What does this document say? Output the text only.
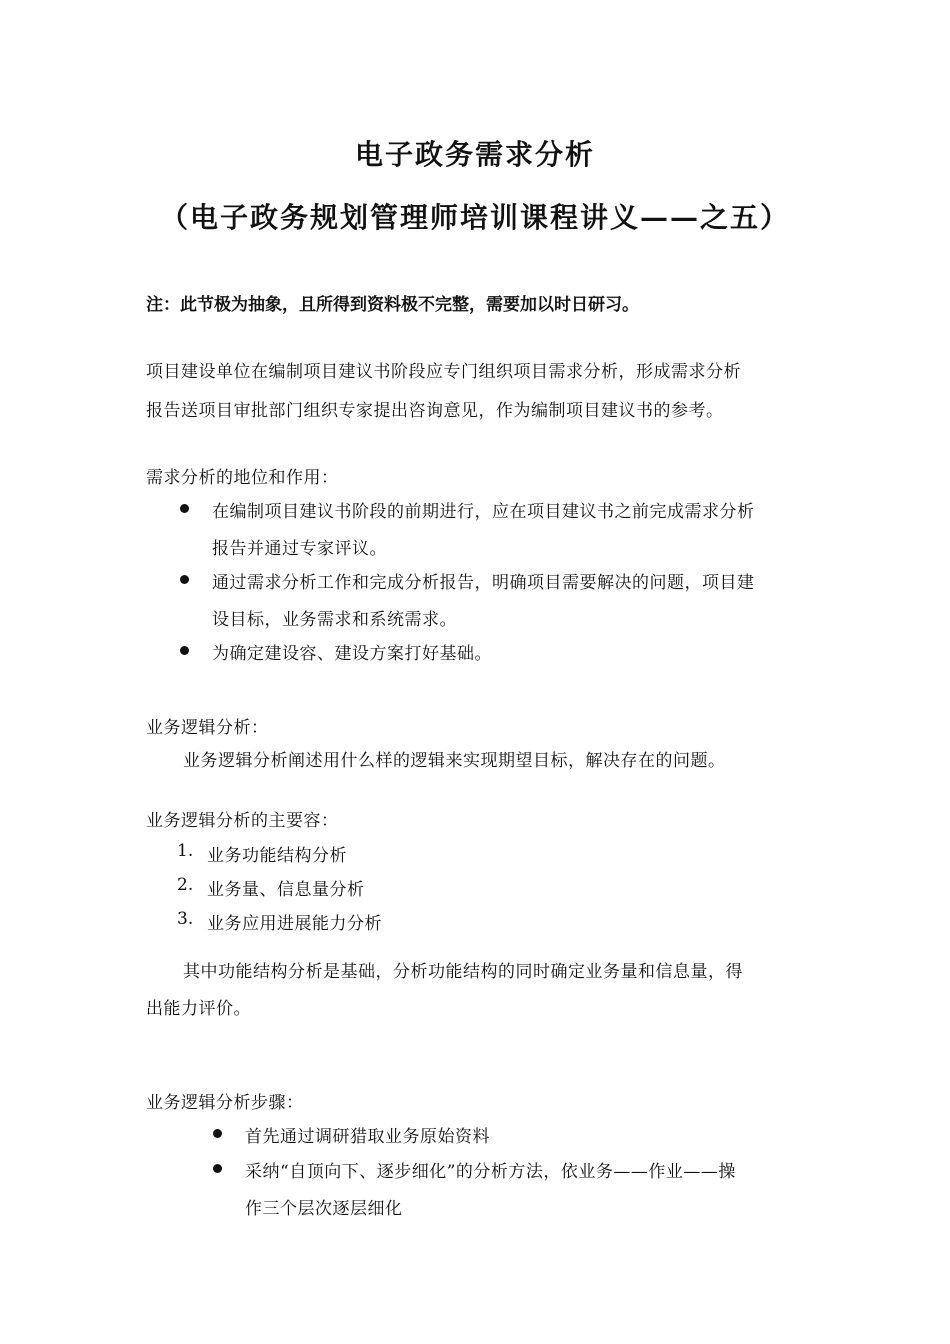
电子政务需求分析
（电子政务规划管理师培训课程讲义——之五）
注：此节极为抽象，且所得到资料极不完整，需要加以时日研习。
项目建设单位在编制项目建议书阶段应专门组织项目需求分析，形成需求分析
报告送项目审批部门组织专家提出咨询意见，作为编制项目建议书的参考。
需求分析的地位和作用：
在编制项目建议书阶段的前期进行，应在项目建议书之前完成需求分析
报告并通过专家评议。
通过需求分析工作和完成分析报告，明确项目需要解决的问题，项目建
设目标，业务需求和系统需求。
为确定建设容、建设方案打好基础。
业务逻辑分析：
业务逻辑分析阐述用什么样的逻辑来实现期望目标，解决存在的问题。
业务逻辑分析的主要容：
1. 业务功能结构分析
2. 业务量、信息量分析
3. 业务应用进展能力分析
其中功能结构分析是基础，分析功能结构的同时确定业务量和信息量，得
出能力评价。
业务逻辑分析步骤：
首先通过调研猎取业务原始资料
采纳“自顶向下、逐步细化”的分析方法，依业务——作业——操
作三个层次逐层细化
